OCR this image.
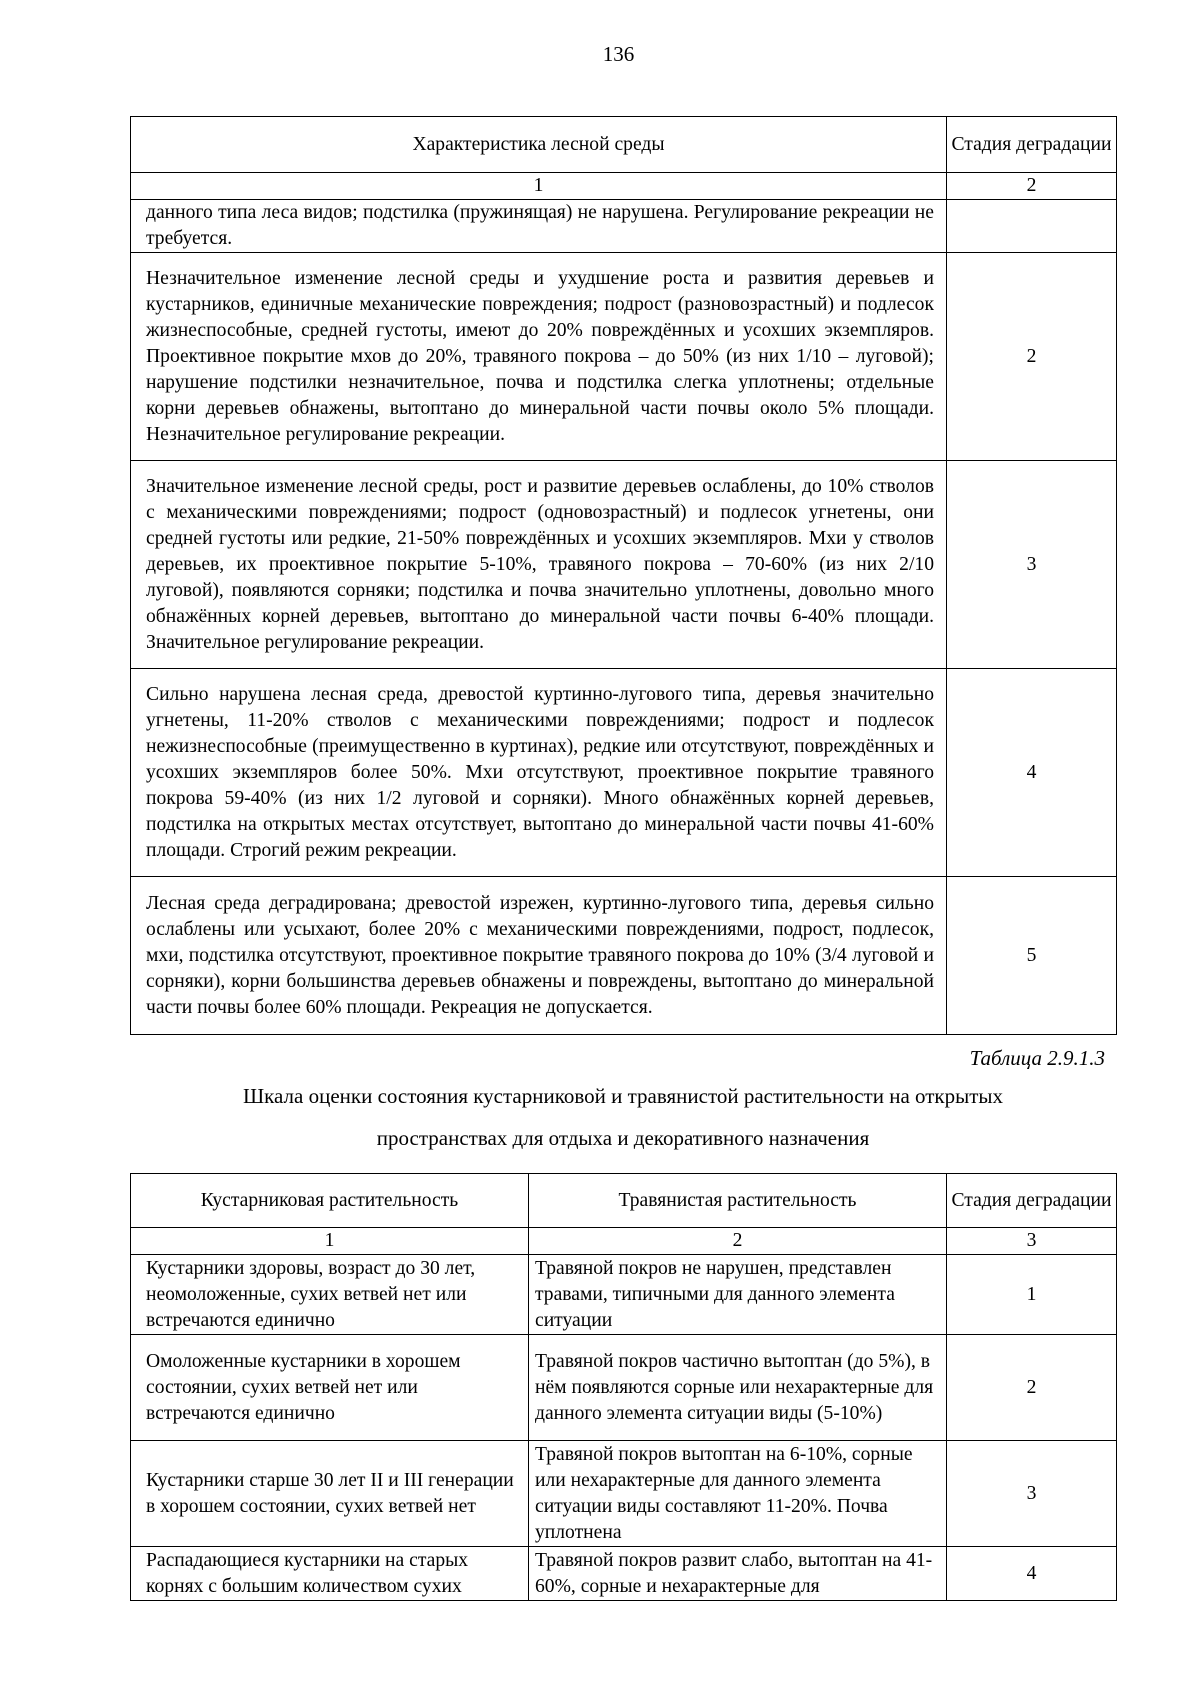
136
Характеристика лесной среды	Стадия деградации
1	2
данного типа леса видов; подстилка (пружинящая) не нарушена. Регулирование рекреации не требуется.	
Незначительное изменение лесной среды и ухудшение роста и развития деревьев и кустарников, единичные механические повреждения; подрост (разновозрастный) и подлесок жизнеспособные, средней густоты, имеют до 20% повреждённых и усохших экземпляров. Проективное покрытие мхов до 20%, травяного покрова – до 50% (из них 1/10 – луговой); нарушение подстилки незначительное, почва и подстилка слегка уплотнены; отдельные корни деревьев обнажены, вытоптано до минеральной части почвы около 5% площади. Незначительное регулирование рекреации.	2
Значительное изменение лесной среды, рост и развитие деревьев ослаблены, до 10% стволов с механическими повреждениями; подрост (одновозрастный) и подлесок угнетены, они средней густоты или редкие, 21-50% повреждённых и усохших экземпляров. Мхи у стволов деревьев, их проективное покрытие 5-10%, травяного покрова – 70-60% (из них 2/10 луговой), появляются сорняки; подстилка и почва значительно уплотнены, довольно много обнажённых корней деревьев, вытоптано до минеральной части почвы 6-40% площади. Значительное регулирование рекреации.	3
Сильно нарушена лесная среда, древостой куртинно-лугового типа, деревья значительно угнетены, 11-20% стволов с механическими повреждениями; подрост и подлесок нежизнеспособные (преимущественно в куртинах), редкие или отсутствуют, повреждённых и усохших экземпляров более 50%. Мхи отсутствуют, проективное покрытие травяного покрова 59-40% (из них 1/2 луговой и сорняки). Много обнажённых корней деревьев, подстилка на открытых местах отсутствует, вытоптано до минеральной части почвы 41-60% площади. Строгий режим рекреации.	4
Лесная среда деградирована; древостой изрежен, куртинно-лугового типа, деревья сильно ослаблены или усыхают, более 20% с механическими повреждениями, подрост, подлесок, мхи, подстилка отсутствуют, проективное покрытие травяного покрова до 10% (3/4 луговой и сорняки), корни большинства деревьев обнажены и повреждены, вытоптано до минеральной части почвы более 60% площади. Рекреация не допускается.	5
Таблица 2.9.1.3
Шкала оценки состояния кустарниковой и травянистой растительности на открытых
пространствах для отдыха и декоративного назначения
Кустарниковая растительность	Травянистая растительность	Стадия деградации
1	2	3
Кустарники здоровы, возраст до 30 лет, неомоложенные, сухих ветвей нет или встречаются единично	Травяной покров не нарушен, представлен травами, типичными для данного элемента ситуации	1
Омоложенные кустарники в хорошем состоянии, сухих ветвей нет или встречаются единично	Травяной покров частично вытоптан (до 5%), в нём появляются сорные или нехарактерные для данного элемента ситуации виды (5-10%)	2
Кустарники старше 30 лет II и III генерации в хорошем состоянии, сухих ветвей нет	Травяной покров вытоптан на 6-10%, сорные или нехарактерные для данного элемента ситуации виды составляют 11-20%. Почва уплотнена	3
Распадающиеся кустарники на старых корнях с большим количеством сухих	Травяной покров развит слабо, вытоптан на 41-60%, сорные и нехарактерные для	4
